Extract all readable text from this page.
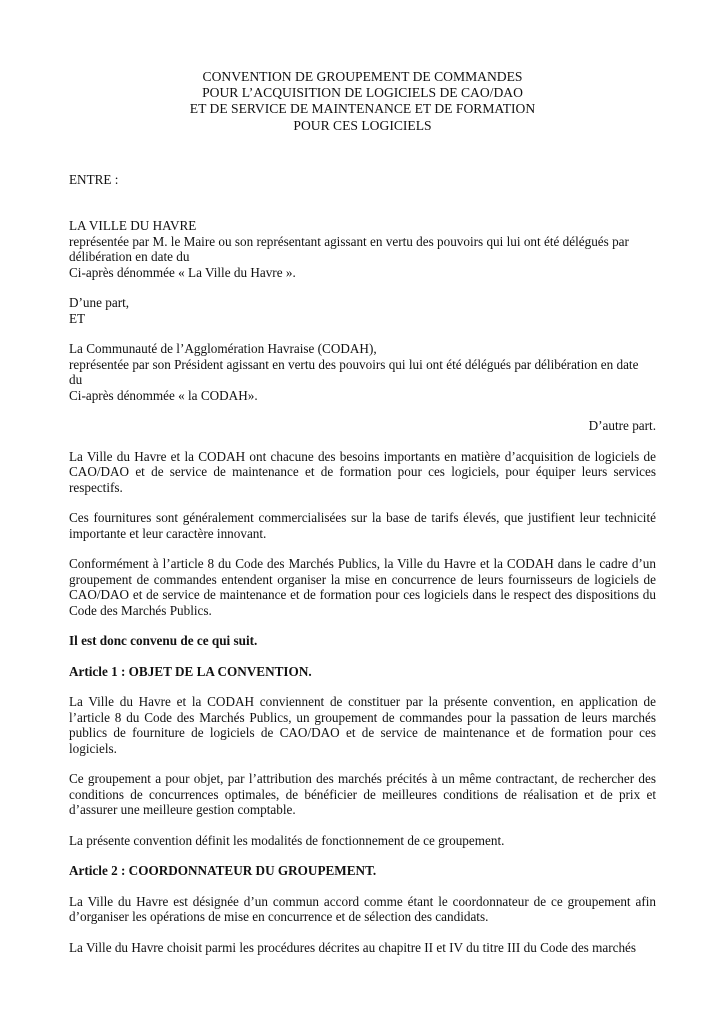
CONVENTION DE GROUPEMENT DE COMMANDES
POUR L’ACQUISITION DE LOGICIELS DE CAO/DAO
ET DE SERVICE DE MAINTENANCE ET DE FORMATION
POUR CES LOGICIELS

ENTRE :

LA VILLE DU HAVRE
représentée par M. le Maire ou son représentant agissant en vertu des pouvoirs qui lui ont été délégués par
délibération en date du
Ci-après dénommée « La Ville du Havre ».
D’une part,
ET
La Communauté de l’Agglomération Havraise (CODAH),
représentée par son Président agissant en vertu des pouvoirs qui lui ont été délégués par délibération en date
du
Ci-après dénommée « la CODAH».

D’autre part.

La Ville du Havre et la CODAH ont chacune des besoins importants en matière d’acquisition de logiciels de CAO/DAO et de service de maintenance et de formation pour ces logiciels, pour équiper leurs services respectifs.

Ces fournitures sont généralement commercialisées sur la base de tarifs élevés, que justifient leur technicité importante et leur caractère innovant.

Conformément à l’article 8 du Code des Marchés Publics, la Ville du Havre et la CODAH dans le cadre d’un groupement de commandes entendent organiser la mise en concurrence de leurs fournisseurs de logiciels de CAO/DAO et de service de maintenance et de formation pour ces logiciels dans le respect des dispositions du Code des Marchés Publics.

Il est donc convenu de ce qui suit.

Article 1 : OBJET DE LA CONVENTION.

La Ville du Havre et la CODAH conviennent de constituer par la présente convention, en application de l’article 8 du Code des Marchés Publics, un groupement de commandes pour la passation de leurs marchés publics de fourniture de logiciels de CAO/DAO et de service de maintenance et de formation pour ces logiciels.

Ce groupement a pour objet, par l’attribution des marchés précités à un même contractant, de rechercher des conditions de concurrences optimales, de bénéficier de meilleures conditions de réalisation et de prix et d’assurer une meilleure gestion comptable.

La présente convention définit les modalités de fonctionnement de ce groupement.

Article 2 : COORDONNATEUR DU GROUPEMENT.

La Ville du Havre est désignée d’un commun accord comme étant le coordonnateur de ce groupement afin d’organiser les opérations de mise en concurrence et de sélection des candidats.

La Ville du Havre choisit parmi les procédures décrites au chapitre II et IV du titre III du Code des marchés
